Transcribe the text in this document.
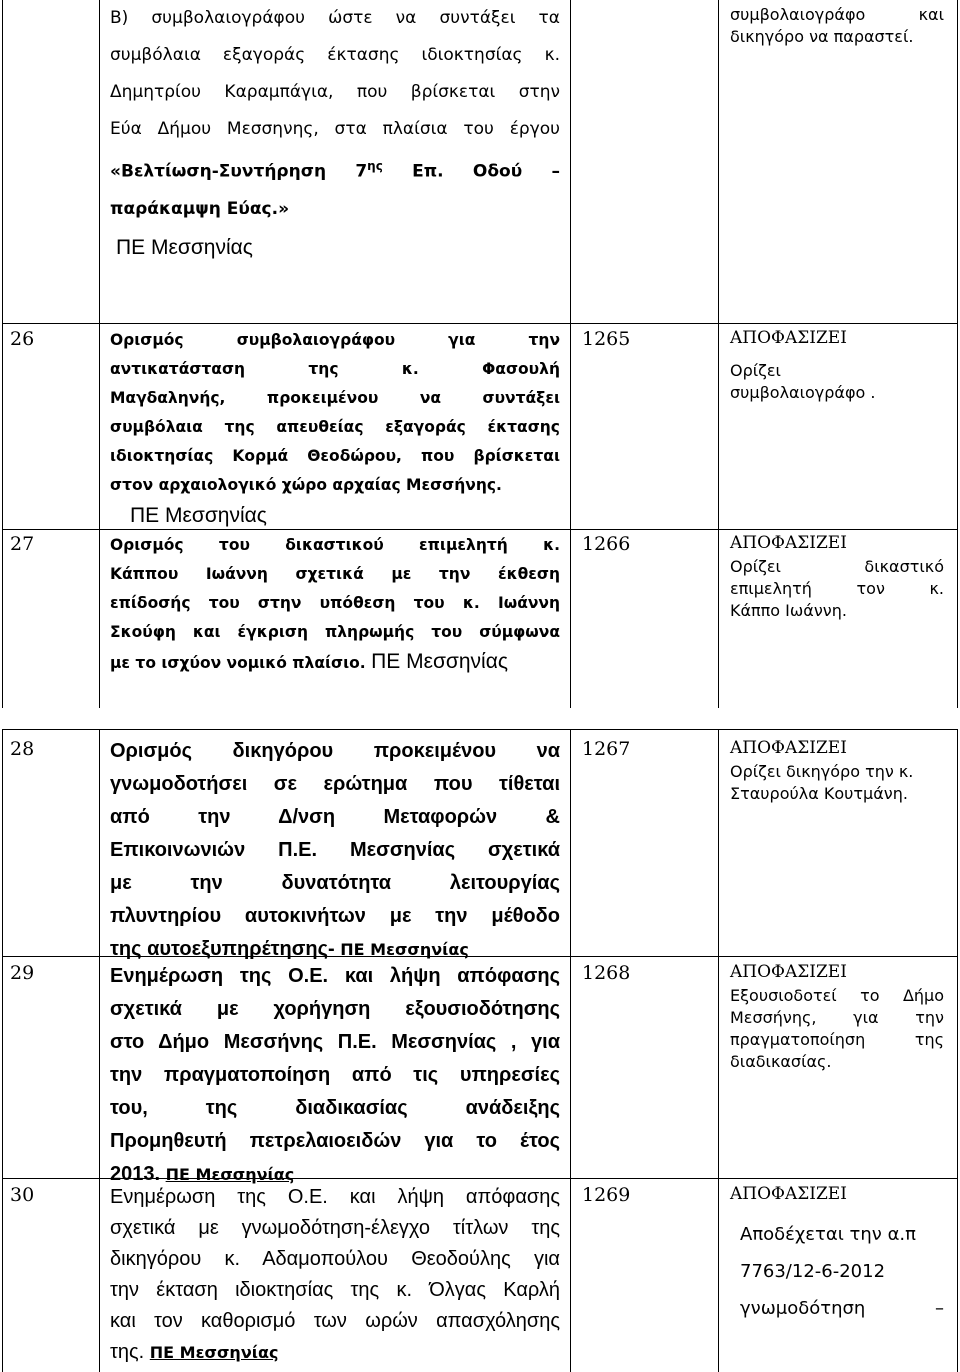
Β) συμβολαιογράφου ώστε να συντάξει τα
συμβόλαια εξαγοράς έκτασης ιδιοκτησίας κ.
Δημητρίου Καραμπάγια, που βρίσκεται στην
Εύα Δήμου Μεσσηνης, στα πλαίσια του έργου
«Βελτίωση-Συντήρηση $7^{\eta\varsigma}$ Επ. Οδού –
παράκαμψη Εύας.»
ΠΕ Μεσσηνίας
συμβολαιογράφο και
δικηγόρο να παραστεί.
26	Ορισμός συμβολαιογράφου για την
αντικατάσταση της κ. Φασουλή
Μαγδαληνής, προκειμένου να συντάξει
συμβόλαια της απευθείας εξαγοράς έκτασης
ιδιοκτησίας Κορμά Θεοδώρου, που βρίσκεται
στον αρχαιολογικό χώρο αρχαίας Μεσσήνης.
ΠΕ Μεσσηνίας
1265	ΑΠΟΦΑΣΙΖΕΙ
Ορίζει
συμβολαιογράφο .
27	Ορισμός του δικαστικού επιμελητή κ.
Κάππου Ιωάννη σχετικά με την έκθεση
επίδοσής του στην υπόθεση του κ. Ιωάννη
Σκούφη και έγκριση πληρωμής του σύμφωνα
με το ισχύον νομικό πλαίσιο. ΠΕ Μεσσηνίας
1266	ΑΠΟΦΑΣΙΖΕΙ
Ορίζει δικαστικό
επιμελητή τον κ.
Κάππο Ιωάννη.
28	Ορισμός δικηγόρου προκειμένου να
γνωμοδοτήσει σε ερώτημα που τίθεται
από την Δ/νση Μεταφορών &
Επικοινωνιών Π.Ε. Μεσσηνίας σχετικά
με την δυνατότητα λειτουργίας
πλυντηρίου αυτοκινήτων με την μέθοδο
της αυτοεξυπηρέτησης- ΠΕ Μεσσηνίας
1267	ΑΠΟΦΑΣΙΖΕΙ
Ορίζει δικηγόρο την κ.
Σταυρούλα Κουτμάνη.
29	Ενημέρωση της Ο.Ε. και λήψη απόφασης
σχετικά με χορήγηση εξουσιοδότησης
στο Δήμο Μεσσήνης Π.Ε. Μεσσηνίας , για
την πραγματοποίηση από τις υπηρεσίες
του, της διαδικασίας ανάδειξης
Προμηθευτή πετρελαιοειδών για το έτος
2013. ΠΕ Μεσσηνίας
1268	ΑΠΟΦΑΣΙΖΕΙ
Εξουσιοδοτεί το Δήμο
Μεσσήνης, για την
πραγματοποίηση της
διαδικασίας.
30	Ενημέρωση της Ο.Ε. και λήψη απόφασης
σχετικά με γνωμοδότηση-έλεγχο τίτλων της
δικηγόρου κ. Αδαμοπούλου Θεοδούλης για
την έκταση ιδιοκτησίας της κ. Όλγας Καρλή
και τον καθορισμό των ωρών απασχόλησης
της. ΠΕ Μεσσηνίας
1269	ΑΠΟΦΑΣΙΖΕΙ
Αποδέχεται την α.π
7763/12-6-2012
γνωμοδότηση –
